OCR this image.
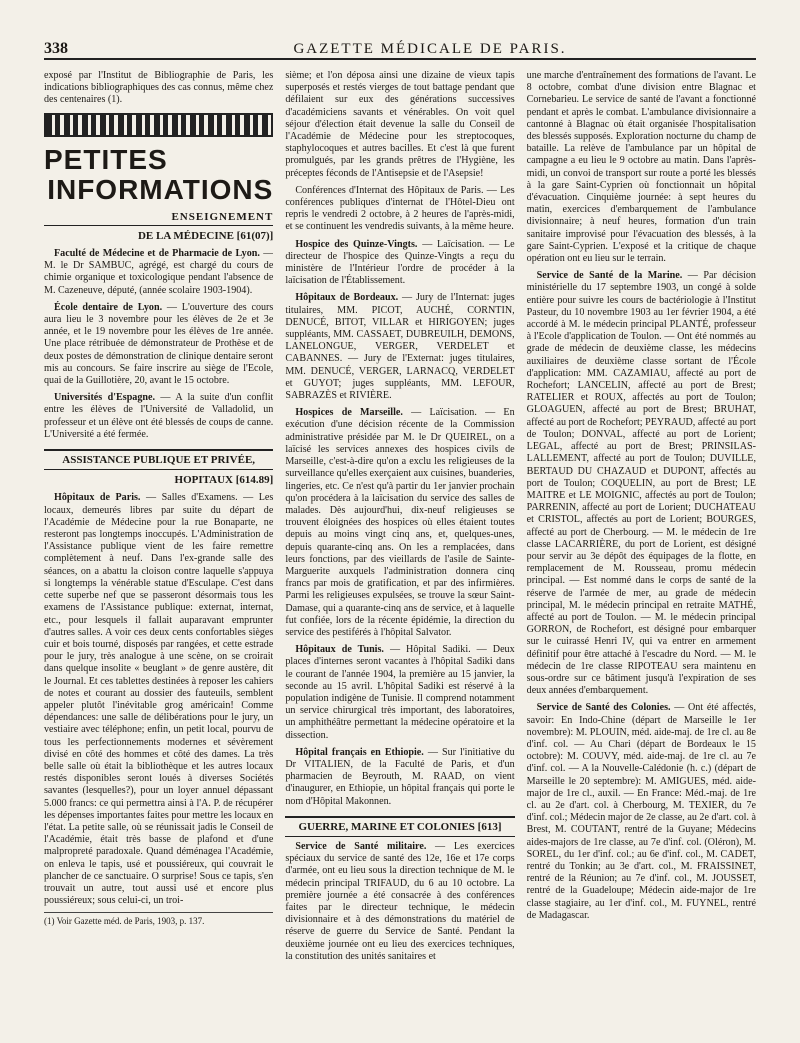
338	GAZETTE MÉDICALE DE PARIS.

exposé par l'Institut de Bibliographie de Paris, les indications bibliographiques des cas connus, même chez des centenaires (1).

PETITES
INFORMATIONS
ENSEIGNEMENT
DE LA MÉDECINE [61(07)]

Faculté de Médecine et de Pharmacie de Lyon. — M. le Dr SAMBUC, agrégé, est chargé du cours de chimie organique et toxicologique pendant l'absence de M. Cazeneuve, député, (année scolaire 1903-1904).

École dentaire de Lyon. — L'ouverture des cours aura lieu le 3 novembre pour les élèves de 2e et 3e année, et le 19 novembre pour les élèves de 1re année. Une place rétribuée de démonstrateur de Prothèse et de deux postes de démonstration de clinique dentaire seront mis au concours. Se faire inscrire au siège de l'Ecole, quai de la Guillotière, 20, avant le 15 octobre.

Universités d'Espagne. — A la suite d'un conflit entre les élèves de l'Université de Valladolid, un professeur et un élève ont été blessés de coups de canne. L'Université a été fermée.

ASSISTANCE PUBLIQUE ET PRIVÉE,
HOPITAUX [614.89]

Hôpitaux de Paris. — Salles d'Examens. — Les locaux, demeurés libres par suite du départ de l'Académie de Médecine pour la rue Bonaparte, ne resteront pas longtemps inoccupés. L'Administration de l'Assistance publique vient de les faire remettre complètement à neuf. Dans l'ex-grande salle des séances, on a abattu la cloison contre laquelle s'appuya si longtemps la vénérable statue d'Esculape. C'est dans cette superbe nef que se passeront désormais tous les examens de l'Assistance publique: externat, internat, etc., pour lesquels il fallait auparavant emprunter d'autres salles. A voir ces deux cents confortables sièges cuir et bois tourné, disposés par rangées, et cette estrade pour le jury, très analogue à une scène, on se croirait dans quelque insolite « beuglant » de genre austère, dit le Journal. Et ces tablettes destinées à reposer les cahiers de notes et courant au dossier des fauteuils, semblent appeler plutôt l'inévitable grog américain! Comme dépendances: une salle de délibérations pour le jury, un vestiaire avec téléphone; enfin, un petit local, pourvu de tous les perfectionnements modernes et sévèrement divisé en côté des hommes et côté des dames. La très belle salle où était la bibliothèque et les autres locaux restés disponibles seront loués à diverses Sociétés savantes (lesquelles?), pour un loyer annuel dépassant 5.000 francs: ce qui permettra ainsi à l'A. P. de récupérer les dépenses importantes faites pour mettre les locaux en l'état. La petite salle, où se réunissait jadis le Conseil de l'Académie, était très basse de plafond et d'une malpropreté paradoxale. Quand déménagea l'Académie, on enleva le tapis, usé et poussiéreux, qui couvrait le plancher de ce sanctuaire. O surprise! Sous ce tapis, s'en trouvait un autre, tout aussi usé et encore plus poussiéreux; sous celui-ci, un troi-

(1) Voir Gazette méd. de Paris, 1903, p. 137.

sième; et l'on déposa ainsi une dizaine de vieux tapis superposés et restés vierges de tout battage pendant que défilaient sur eux des générations successives d'académiciens savants et vénérables. On voit quel séjour d'élection était devenue la salle du Conseil de l'Académie de Médecine pour les streptocoques, staphylocoques et autres bacilles. Et c'est là que furent promulgués, par les grands prêtres de l'Hygiène, les préceptes féconds de l'Antisepsie et de l'Asepsie!

Conférences d'Internat des Hôpitaux de Paris. — Les conférences publiques d'internat de l'Hôtel-Dieu ont repris le vendredi 2 octobre, à 2 heures de l'après-midi, et se continuent les vendredis suivants, à la même heure.

Hospice des Quinze-Vingts. — Laïcisation. — Le directeur de l'hospice des Quinze-Vingts a reçu du ministère de l'Intérieur l'ordre de procéder à la laïcisation de l'Établissement.

Hôpitaux de Bordeaux. — Jury de l'Internat: juges titulaires, MM. PICOT, AUCHÉ, CORNTIN, DENUCÉ, BITOT, VILLAR et HIRIGOYEN; juges suppléants, MM. CASSAET, DUBREUILH, DEMONS, LANELONGUE, VERGER, VERDELET et CABANNES. — Jury de l'Externat: juges titulaires, MM. DENUCÉ, VERGER, LARNACQ, VERDELET et GUYOT; juges suppléants, MM. LEFOUR, SABRAZÈS et RIVIÈRE.

Hospices de Marseille. — Laïcisation. — En exécution d'une décision récente de la Commission administrative présidée par M. le Dr QUEIREL, on a laïcisé les services annexes des hospices civils de Marseille, c'est-à-dire qu'on a exclu les religieuses de la surveillance qu'elles exerçaient aux cuisines, buanderies, lingeries, etc. Ce n'est qu'à partir du 1er janvier prochain qu'on procédera à la laïcisation du service des salles de malades. Dès aujourd'hui, dix-neuf religieuses se trouvent éloignées des hospices où elles étaient toutes depuis au moins vingt cinq ans, et, quelques-unes, depuis quarante-cinq ans. On les a remplacées, dans leurs fonctions, par des vieillards de l'asile de Sainte-Marguerite auxquels l'administration donnera cinq francs par mois de gratification, et par des infirmières. Parmi les religieuses expulsées, se trouve la sœur Saint-Damase, qui a quarante-cinq ans de service, et à laquelle fut confiée, lors de la récente épidémie, la direction du service des pestiférés à l'hôpital Salvator.

Hôpitaux de Tunis. — Hôpital Sadiki. — Deux places d'internes seront vacantes à l'hôpital Sadiki dans le courant de l'année 1904, la première au 15 janvier, la seconde au 15 avril. L'hôpital Sadiki est réservé à la population indigène de Tunisie. Il comprend notamment un service chirurgical très important, des laboratoires, un amphithéâtre permettant la médecine opératoire et la dissection.

Hôpital français en Ethiopie. — Sur l'initiative du Dr VITALIEN, de la Faculté de Paris, et d'un pharmacien de Beyrouth, M. RAAD, on vient d'inaugurer, en Ethiopie, un hôpital français qui porte le nom d'Hôpital Makonnen.

GUERRE, MARINE ET COLONIES [613]

Service de Santé militaire. — Les exercices spéciaux du service de santé des 12e, 16e et 17e corps d'armée, ont eu lieu sous la direction technique de M. le médecin principal TRIFAUD, du 6 au 10 octobre. La première journée a été consacrée à des conférences faites par le directeur technique, le médecin divisionnaire et à des démonstrations du matériel de réserve de guerre du Service de Santé. Pendant la deuxième journée ont eu lieu des exercices techniques, la constitution des unités sanitaires et

une marche d'entraînement des formations de l'avant. Le 8 octobre, combat d'une division entre Blagnac et Cornebarieu. Le service de santé de l'avant a fonctionné pendant et après le combat. L'ambulance divisionnaire a cantonné à Blagnac où était organisée l'hospitalisation des blessés supposés. Exploration nocturne du champ de bataille. La relève de l'ambulance par un hôpital de campagne a eu lieu le 9 octobre au matin. Dans l'après-midi, un convoi de transport sur route a porté les blessés à la gare Saint-Cyprien où fonctionnait un hôpital d'évacuation. Cinquième journée: à sept heures du matin, exercices d'embarquement de l'ambulance divisionnaire; à neuf heures, formation d'un train sanitaire improvisé pour l'évacuation des blessés, à la gare Saint-Cyprien. L'exposé et la critique de chaque opération ont eu lieu sur le terrain.

Service de Santé de la Marine. — Par décision ministérielle du 17 septembre 1903, un congé à solde entière pour suivre les cours de bactériologie à l'Institut Pasteur, du 10 novembre 1903 au 1er février 1904, a été accordé à M. le médecin principal PLANTÉ, professeur à l'Ecole d'application de Toulon. — Ont été nommés au grade de médecin de deuxième classe, les médecins auxiliaires de deuxième classe sortant de l'École d'application: MM. CAZAMIAU, affecté au port de Rochefort; LANCELIN, affecté au port de Brest; RATELIER et ROUX, affectés au port de Toulon; GLOAGUEN, affecté au port de Brest; BRUHAT, affecté au port de Rochefort; PEYRAUD, affecté au port de Toulon; DONVAL, affecté au port de Lorient; LEGAL, affecté au port de Brest; PRINSILAS-LALLEMENT, affecté au port de Toulon; DUVILLE, BERTAUD DU CHAZAUD et DUPONT, affectés au port de Toulon; COQUELIN, au port de Brest; LE MAITRE et LE MOIGNIC, affectés au port de Toulon; PARRENIN, affecté au port de Lorient; DUCHATEAU et CRISTOL, affectés au port de Lorient; BOURGES, affecté au port de Cherbourg. — M. le médecin de 1re classe LACARRIÈRE, du port de Lorient, est désigné pour servir au 3e dépôt des équipages de la flotte, en remplacement de M. Rousseau, promu médecin principal. — Est nommé dans le corps de santé de la réserve de l'armée de mer, au grade de médecin principal, M. le médecin principal en retraite MATHÉ, affecté au port de Toulon. — M. le médecin principal GORRON, de Rochefort, est désigné pour embarquer sur le cuirassé Henri IV, qui va entrer en armement définitif pour être attaché à l'escadre du Nord. — M. le médecin de 1re classe RIPOTEAU sera maintenu en sous-ordre sur ce bâtiment jusqu'à l'expiration de ses deux années d'embarquement.

Service de Santé des Colonies. — Ont été affectés, savoir: En Indo-Chine (départ de Marseille le 1er novembre): M. PLOUIN, méd. aide-maj. de 1re cl. au 8e d'inf. col. — Au Chari (départ de Bordeaux le 15 octobre): M. COUVY, méd. aide-maj. de 1re cl. au 7e d'inf. col. — A la Nouvelle-Calédonie (h. c.) (départ de Marseille le 20 septembre): M. AMIGUES, méd. aide-major de 1re cl., auxil. — En France: Méd.-maj. de 1re cl. au 2e d'art. col. à Cherbourg, M. TEXIER, du 7e d'inf. col.; Médecin major de 2e classe, au 2e d'art. col. à Brest, M. COUTANT, rentré de la Guyane; Médecins aides-majors de 1re classe, au 7e d'inf. col. (Oléron), M. SOREL, du 1er d'inf. col.; au 6e d'inf. col., M. CADET, rentré du Tonkin; au 3e d'art. col., M. FRAISSINET, rentré de la Réunion; au 7e d'inf. col., M. JOUSSET, rentré de la Guadeloupe; Médecin aide-major de 1re classe stagiaire, au 1er d'inf. col., M. FUYNEL, rentré de Madagascar.
